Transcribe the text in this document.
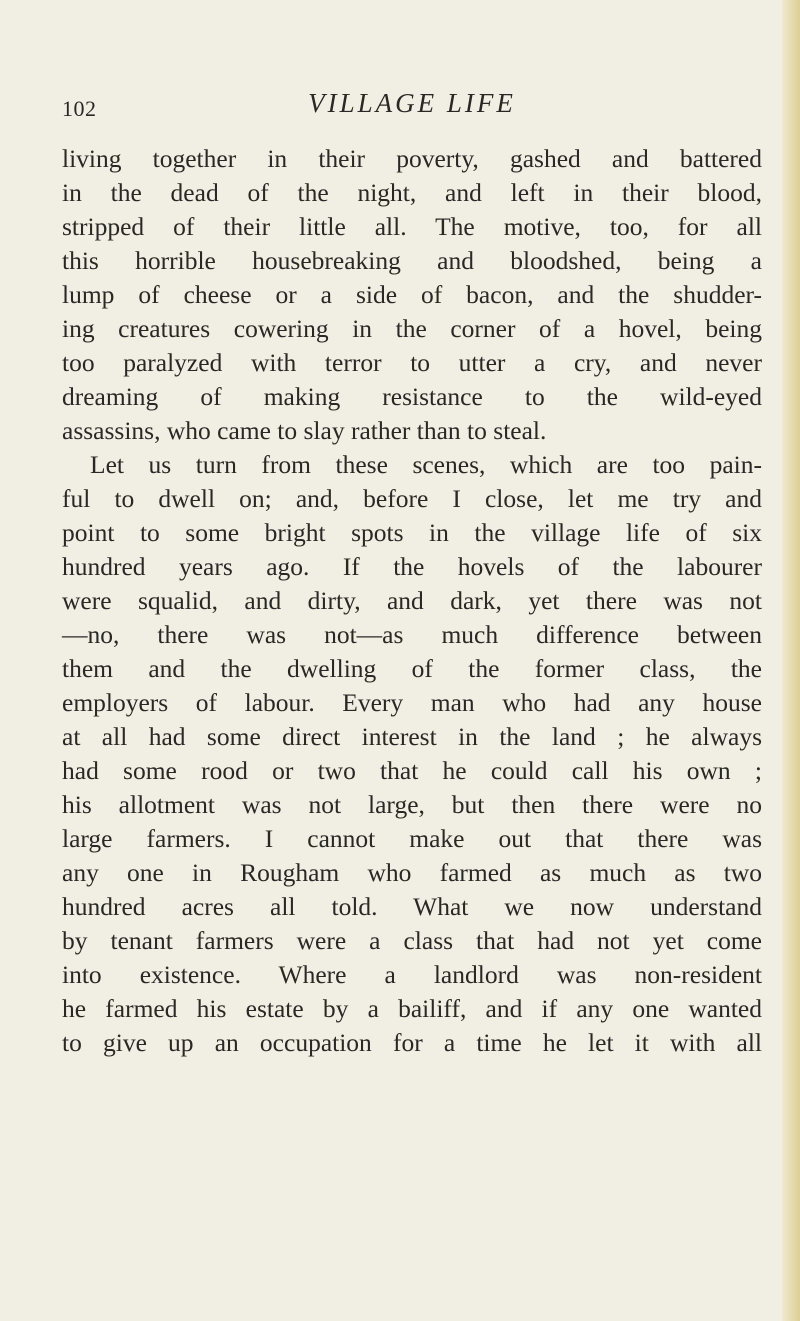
102	VILLAGE LIFE
living together in their poverty, gashed and battered
in the dead of the night, and left in their blood,
stripped of their little all. The motive, too, for all
this horrible housebreaking and bloodshed, being a
lump of cheese or a side of bacon, and the shudder-
ing creatures cowering in the corner of a hovel, being
too paralyzed with terror to utter a cry, and never
dreaming of making resistance to the wild-eyed
assassins, who came to slay rather than to steal.
Let us turn from these scenes, which are too pain-
ful to dwell on; and, before I close, let me try and
point to some bright spots in the village life of six
hundred years ago. If the hovels of the labourer
were squalid, and dirty, and dark, yet there was not
—no, there was not—as much difference between
them and the dwelling of the former class, the
employers of labour. Every man who had any house
at all had some direct interest in the land ; he always
had some rood or two that he could call his own ;
his allotment was not large, but then there were no
large farmers. I cannot make out that there was
any one in Rougham who farmed as much as two
hundred acres all told. What we now understand
by tenant farmers were a class that had not yet come
into existence. Where a landlord was non-resident
he farmed his estate by a bailiff, and if any one wanted
to give up an occupation for a time he let it with all
